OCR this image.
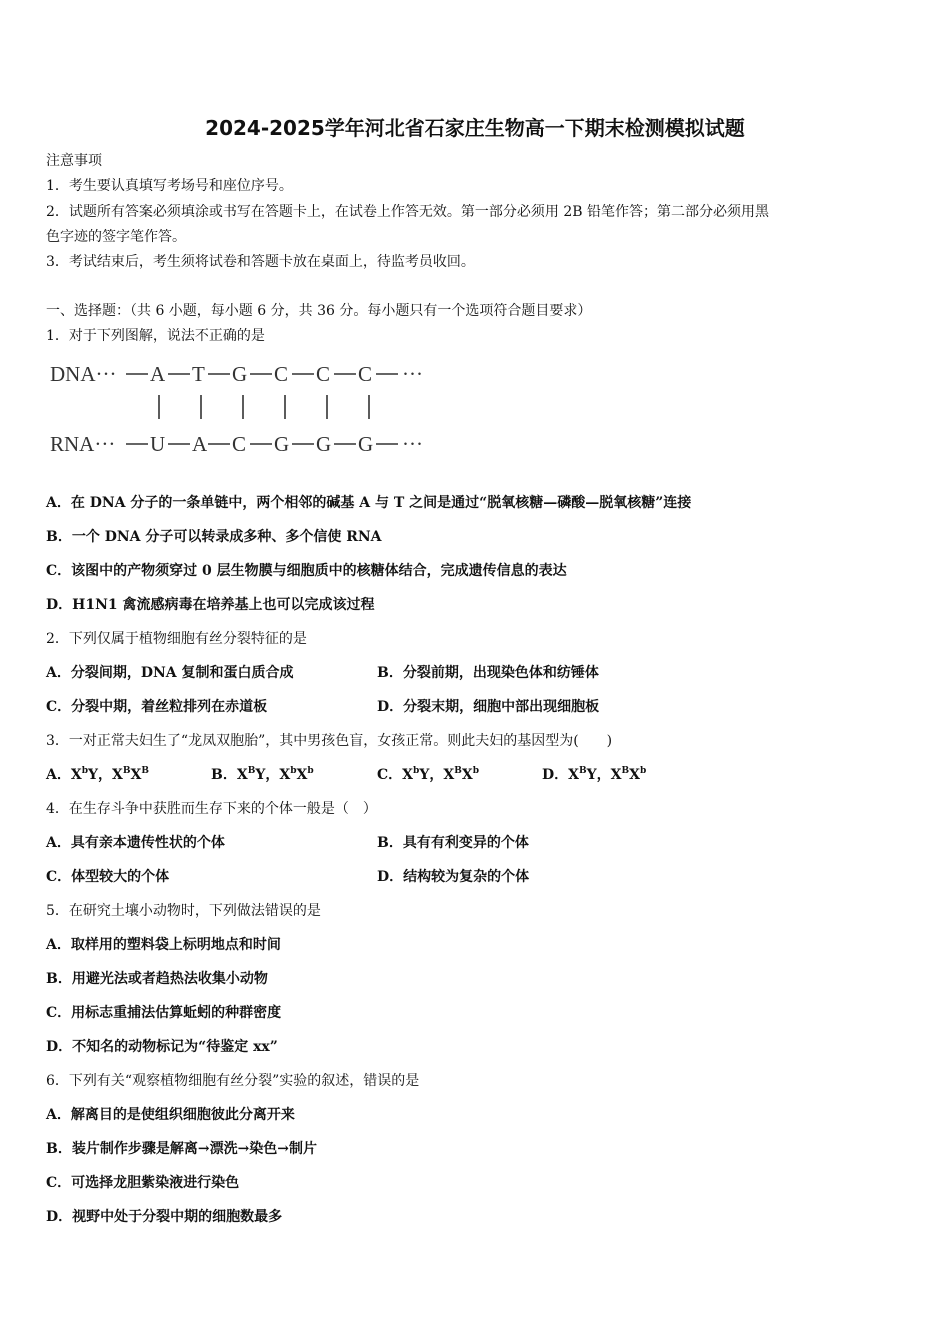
2024-2025学年河北省石家庄生物高一下期末检测模拟试题
注意事项
1．考生要认真填写考场号和座位序号。
2．试题所有答案必须填涂或书写在答题卡上，在试卷上作答无效。第一部分必须用 2B 铅笔作答；第二部分必须用黑
色字迹的签字笔作答。
3．考试结束后，考生须将试卷和答题卡放在桌面上，待监考员收回。
一、选择题：（共 6 小题，每小题 6 分，共 36 分。每小题只有一个选项符合题目要求）
1．对于下列图解，说法不正确的是
DNA··· A T G C C C ···
RNA··· U A C G G G ···
A．在 DNA 分子的一条单链中，两个相邻的碱基 A 与 T 之间是通过“脱氧核糖—磷酸—脱氧核糖”连接
B．一个 DNA 分子可以转录成多种、多个信使 RNA
C．该图中的产物须穿过 0 层生物膜与细胞质中的核糖体结合，完成遗传信息的表达
D．H1N1 禽流感病毒在培养基上也可以完成该过程
2．下列仅属于植物细胞有丝分裂特征的是
A．分裂间期，DNA 复制和蛋白质合成	B．分裂前期，出现染色体和纺锤体
C．分裂中期，着丝粒排列在赤道板	D．分裂末期，细胞中部出现细胞板
3．一对正常夫妇生了“龙凤双胞胎”，其中男孩色盲，女孩正常。则此夫妇的基因型为(　　)
A．$X^bY$，$X^BX^B$	B．$X^BY$，$X^bX^b$	C．$X^bY$，$X^BX^b$	D．$X^BY$，$X^BX^b$
4．在生存斗争中获胜而生存下来的个体一般是（　）
A．具有亲本遗传性状的个体	B．具有有利变异的个体
C．体型较大的个体	D．结构较为复杂的个体
5．在研究土壤小动物时，下列做法错误的是
A．取样用的塑料袋上标明地点和时间
B．用避光法或者趋热法收集小动物
C．用标志重捕法估算蚯蚓的种群密度
D．不知名的动物标记为“待鉴定 xx”
6．下列有关“观察植物细胞有丝分裂”实验的叙述，错误的是
A．解离目的是使组织细胞彼此分离开来
B．装片制作步骤是解离→漂洗→染色→制片
C．可选择龙胆紫染液进行染色
D．视野中处于分裂中期的细胞数最多
